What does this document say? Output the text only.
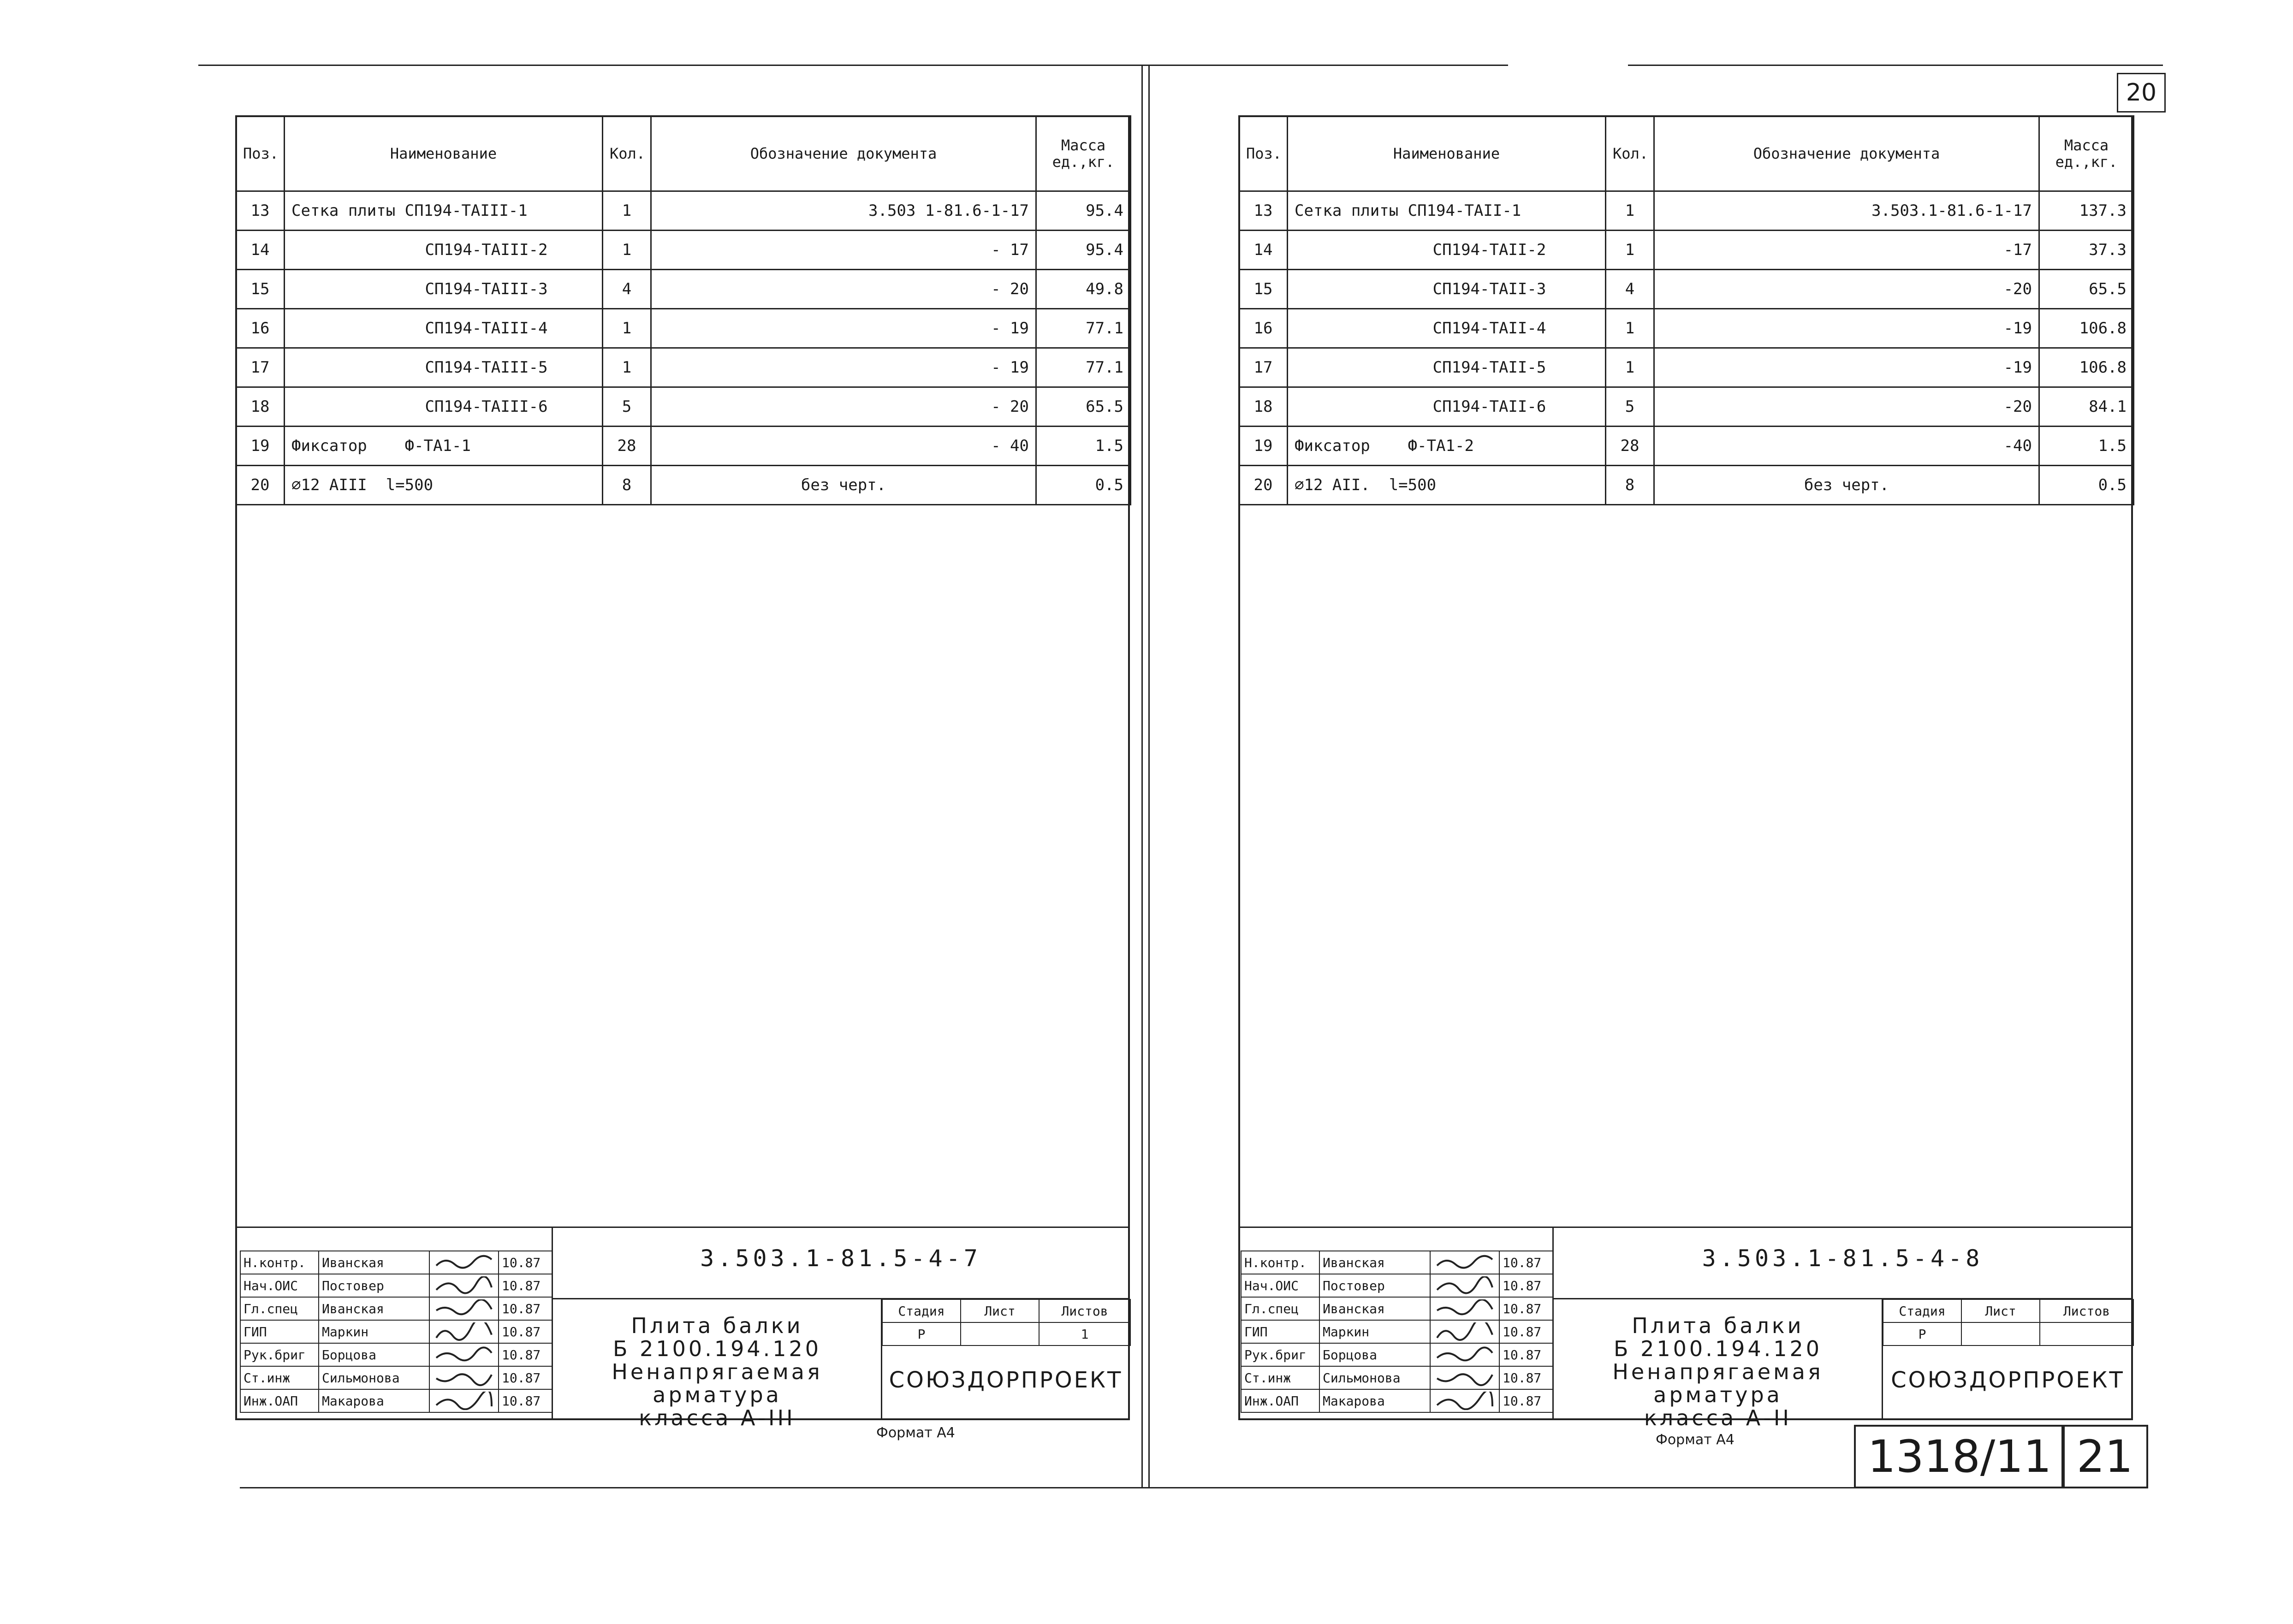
20
Поз.	Наименование	Кол.	Обозначение документа	Масса ед.,кг.
13	Сетка плиты СП194-ТАIII-1	1	3.503 1-81.6-1-17	95.4
14	СП194-ТАIII-2	1	- 17	95.4
15	СП194-ТАIII-3	4	- 20	49.8
16	СП194-ТАIII-4	1	- 19	77.1
17	СП194-ТАIII-5	1	- 19	77.1
18	СП194-ТАIII-6	5	- 20	65.5
19	Фиксатор    Ф-ТА1-1	28	- 40	1.5
20	⌀12 AIII  l=500	8	без черт.	0.5
Н.контр.	Иванская		10.87
Нач.ОИС	Постовер		10.87
Гл.спец	Иванская		10.87
ГИП	Маркин		10.87
Рук.бриг	Борцова		10.87
Ст.инж	Сильмонова		10.87
Инж.ОАП	Макарова		10.87
3.503.1-81.5-4-7
Плита балки
Б 2100.194.120
Ненапрягаемая арматура
класса А-III
Стадия	Лист	Листов
Р		1
СОЮЗДОРПРОЕКТ
Формат А4
Поз.	Наименование	Кол.	Обозначение документа	Масса ед.,кг.
13	Сетка плиты СП194-ТАII-1	1	3.503.1-81.6-1-17	137.3
14	СП194-ТАII-2	1	-17	37.3
15	СП194-ТАII-3	4	-20	65.5
16	СП194-ТАII-4	1	-19	106.8
17	СП194-ТАII-5	1	-19	106.8
18	СП194-ТАII-6	5	-20	84.1
19	Фиксатор    Ф-ТА1-2	28	-40	1.5
20	⌀12 AII.  l=500	8	без черт.	0.5
Н.контр.	Иванская		10.87
Нач.ОИС	Постовер		10.87
Гл.спец	Иванская		10.87
ГИП	Маркин		10.87
Рук.бриг	Борцова		10.87
Ст.инж	Сильмонова		10.87
Инж.ОАП	Макарова		10.87
3.503.1-81.5-4-8
Плита балки
Б 2100.194.120
Ненапрягаемая арматура
класса А-II
Стадия	Лист	Листов
Р		
СОЮЗДОРПРОЕКТ
Формат А4	1318/11 21
